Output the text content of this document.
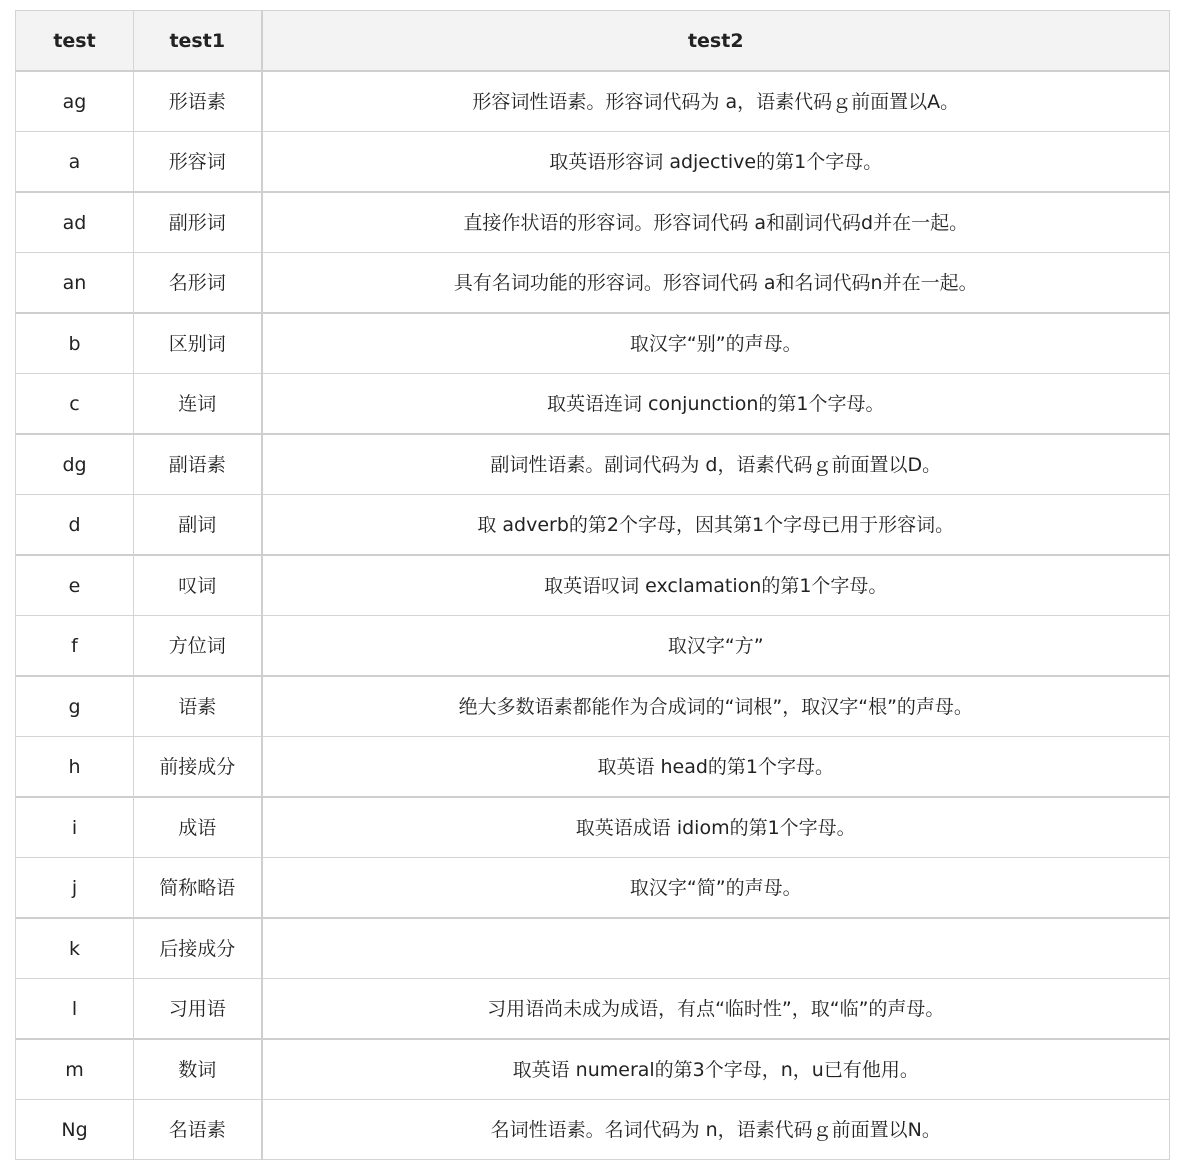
test	test1	test2
ag	形语素	形容词性语素。形容词代码为 a，语素代码ｇ前面置以A。
a	形容词	取英语形容词 adjective的第1个字母。
ad	副形词	直接作状语的形容词。形容词代码 a和副词代码d并在一起。
an	名形词	具有名词功能的形容词。形容词代码 a和名词代码n并在一起。
b	区别词	取汉字“别”的声母。
c	连词	取英语连词 conjunction的第1个字母。
dg	副语素	副词性语素。副词代码为 d，语素代码ｇ前面置以D。
d	副词	取 adverb的第2个字母，因其第1个字母已用于形容词。
e	叹词	取英语叹词 exclamation的第1个字母。
f	方位词	取汉字“方”
g	语素	绝大多数语素都能作为合成词的“词根”，取汉字“根”的声母。
h	前接成分	取英语 head的第1个字母。
i	成语	取英语成语 idiom的第1个字母。
j	简称略语	取汉字“简”的声母。
k	后接成分	
l	习用语	习用语尚未成为成语，有点“临时性”，取“临”的声母。
m	数词	取英语 numeral的第3个字母，n，u已有他用。
Ng	名语素	名词性语素。名词代码为 n，语素代码ｇ前面置以N。
